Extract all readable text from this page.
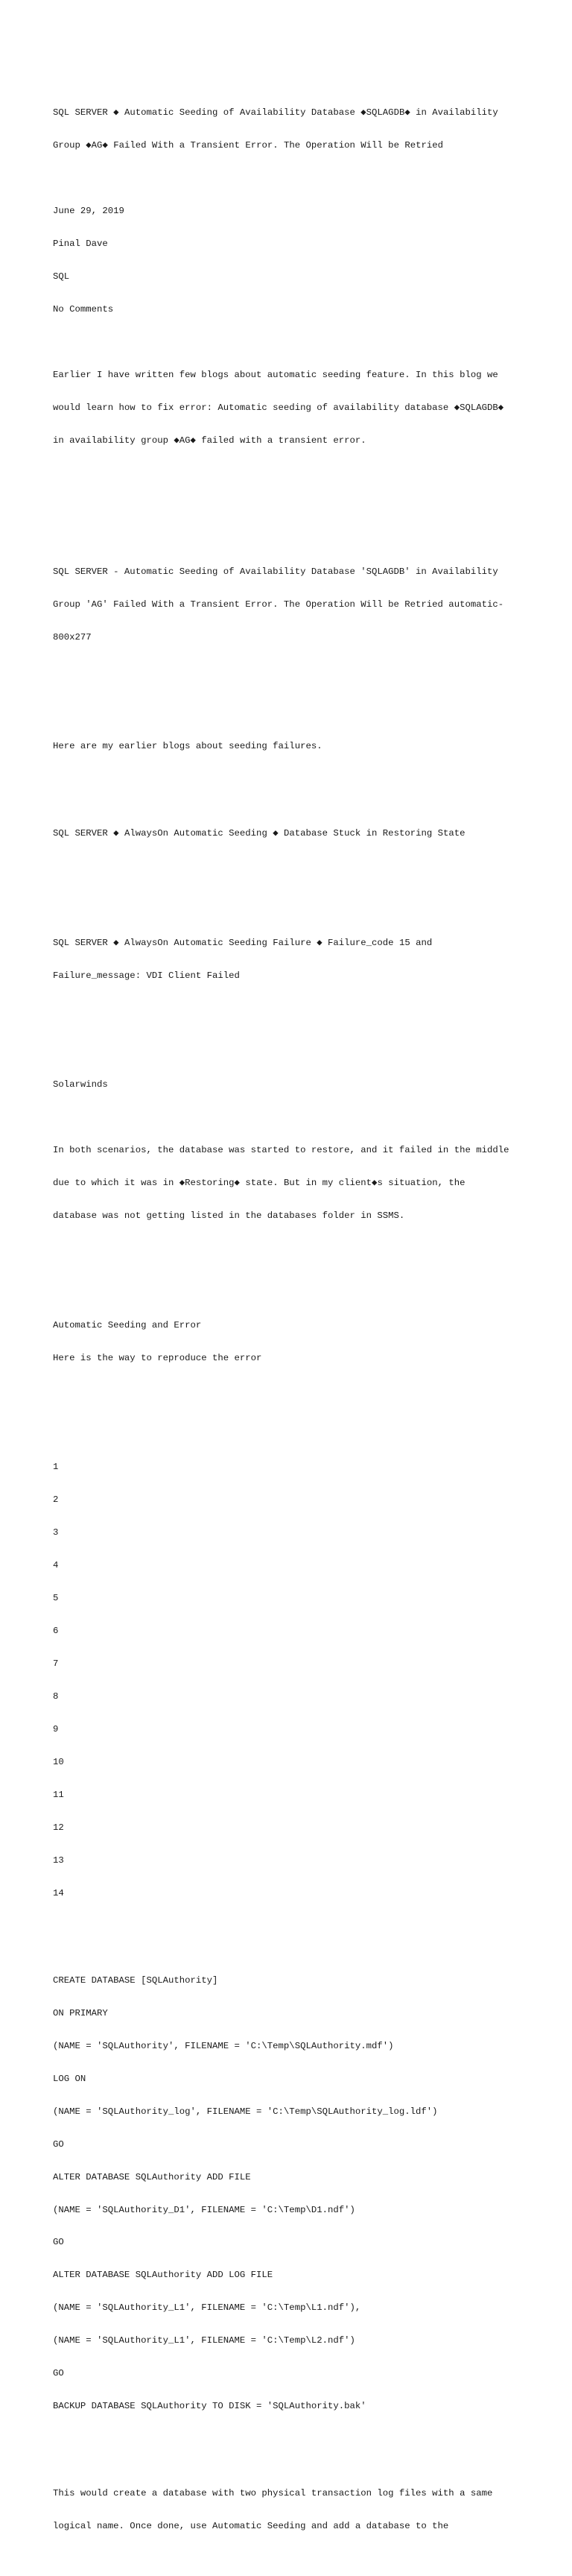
SQL SERVER ◆ Automatic Seeding of Availability Database ◆SQLAGDB◆ in Availability

Group ◆AG◆ Failed With a Transient Error. The Operation Will be Retried

June 29, 2019

Pinal Dave

SQL

No Comments

Earlier I have written few blogs about automatic seeding feature. In this blog we

would learn how to fix error: Automatic seeding of availability database ◆SQLAGDB◆

in availability group ◆AG◆ failed with a transient error.

SQL SERVER - Automatic Seeding of Availability Database 'SQLAGDB' in Availability

Group 'AG' Failed With a Transient Error. The Operation Will be Retried automatic-

800x277

Here are my earlier blogs about seeding failures.

SQL SERVER ◆ AlwaysOn Automatic Seeding ◆ Database Stuck in Restoring State

SQL SERVER ◆ AlwaysOn Automatic Seeding Failure ◆ Failure_code 15 and

Failure_message: VDI Client Failed

Solarwinds

In both scenarios, the database was started to restore, and it failed in the middle

due to which it was in ◆Restoring◆ state. But in my client◆s situation, the

database was not getting listed in the databases folder in SSMS.

Automatic Seeding and Error

Here is the way to reproduce the error

1

2

3

4

5

6

7

8

9

10

11

12

13

14

CREATE DATABASE [SQLAuthority]

ON PRIMARY

(NAME = 'SQLAuthority', FILENAME = 'C:\Temp\SQLAuthority.mdf')

LOG ON

(NAME = 'SQLAuthority_log', FILENAME = 'C:\Temp\SQLAuthority_log.ldf')

GO

ALTER DATABASE SQLAuthority ADD FILE

(NAME = 'SQLAuthority_D1', FILENAME = 'C:\Temp\D1.ndf')

GO

ALTER DATABASE SQLAuthority ADD LOG FILE

(NAME = 'SQLAuthority_L1', FILENAME = 'C:\Temp\L1.ndf'),

(NAME = 'SQLAuthority_L1', FILENAME = 'C:\Temp\L2.ndf')

GO

BACKUP DATABASE SQLAuthority TO DISK = 'SQLAuthority.bak'

This would create a database with two physical transaction log files with a same

logical name. Once done, use Automatic Seeding and add a database to the
